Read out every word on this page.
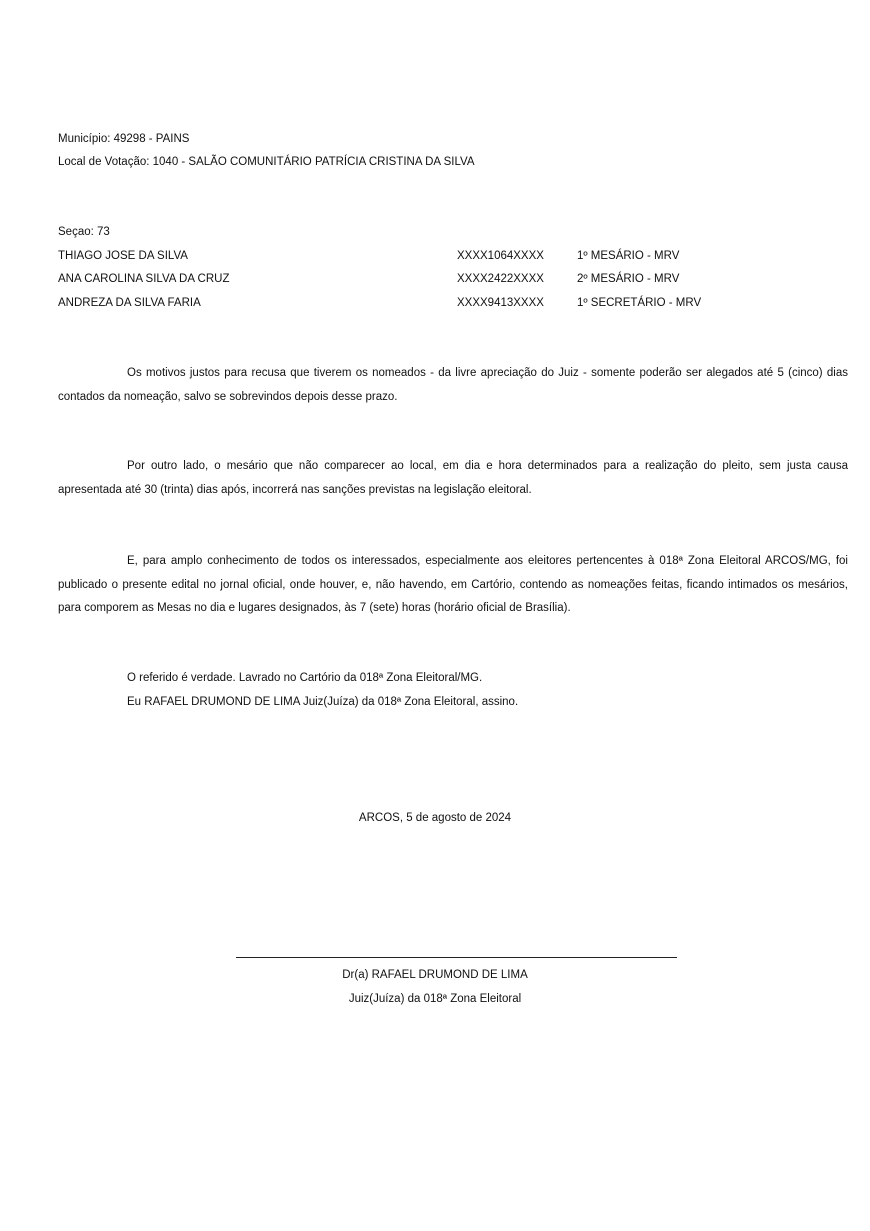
Município: 49298 - PAINS
Local de Votação: 1040 - SALÃO COMUNITÁRIO PATRÍCIA CRISTINA DA SILVA
Seçao: 73
THIAGO JOSE DA SILVA	XXXX1064XXXX	1º MESÁRIO - MRV
ANA CAROLINA SILVA DA CRUZ	XXXX2422XXXX	2º MESÁRIO - MRV
ANDREZA DA SILVA FARIA	XXXX9413XXXX	1º SECRETÁRIO - MRV
Os motivos justos para recusa que tiverem os nomeados - da livre apreciação do Juiz - somente poderão ser alegados até 5 (cinco) dias contados da nomeação, salvo se sobrevindos depois desse prazo.
Por outro lado, o mesário que não comparecer ao local, em dia e hora determinados para a realização do pleito, sem justa causa apresentada até 30 (trinta) dias após, incorrerá nas sanções previstas na legislação eleitoral.
E, para amplo conhecimento de todos os interessados, especialmente aos eleitores pertencentes à 018ª Zona Eleitoral ARCOS/MG, foi publicado o presente edital no jornal oficial, onde houver, e, não havendo, em Cartório, contendo as nomeações feitas, ficando intimados os mesários, para comporem as Mesas no dia e lugares designados, às 7 (sete) horas (horário oficial de Brasília).
O referido é verdade. Lavrado no Cartório da 018ª Zona Eleitoral/MG.
Eu RAFAEL DRUMOND DE LIMA Juiz(Juíza) da 018ª Zona Eleitoral, assino.
ARCOS, 5 de agosto de 2024
Dr(a) RAFAEL DRUMOND DE LIMA
Juiz(Juíza) da 018ª Zona Eleitoral
